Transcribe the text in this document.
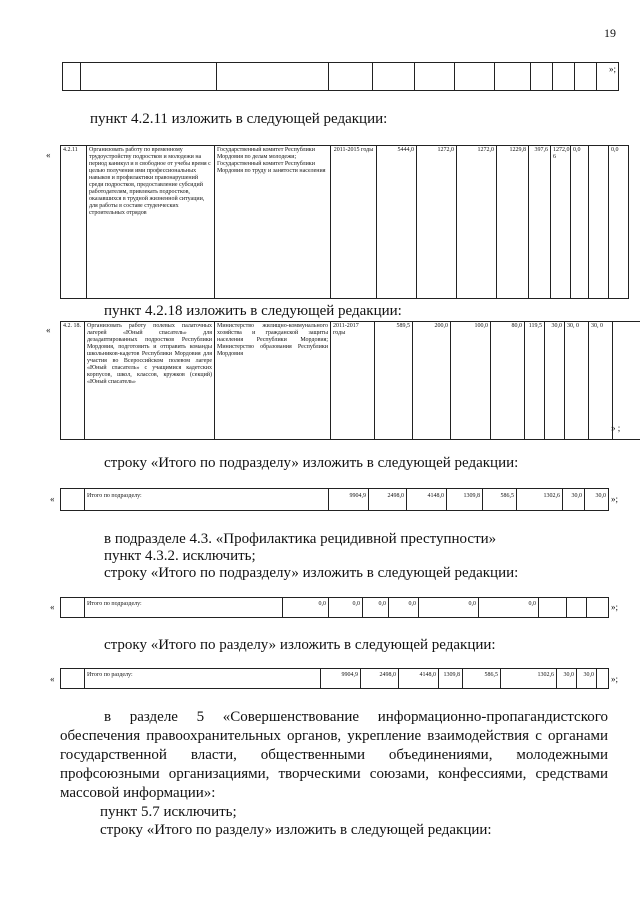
19

»;
пункт 4.2.11 изложить в следующей редакции:
« 4.2.11	Организовать работу по временному трудоустройству подростков и молодежи на период каникул и в свободное от учебы время с целью получения ими профессиональных навыков и профилактики правонарушений среди подростков, предоставление субсидий работодателям, привлекать подростков, оказавшихся в трудной жизненной ситуации, для работы в составе студенческих строительных отрядов	Государственный комитет Республики Мордовия по делам молодежи; Государственный комитет Республики Мордовия по труду и занятости населения	2011-2015 годы	5444,0	1272,0	1272,0	1229,8	397,6	1272,0 6	0,0		0,0
пункт 4.2.18 изложить в следующей редакции:
« 4.2. 18.	Организовать работу полевых палаточных лагерей «Юный спасатель» для дезадаптированных подростков Республики Мордовия, подготовить и отправить команды школьников-кадетов Республики Мордовия для участия во Всероссийском полевом лагере «Юный спасатель» с учащимися кадетских корпусов, школ, классов, кружков (секций) «Юный спасатель»	Министерство жилищно-коммунального хозяйства и гражданской защиты населения Республики Мордовия; Министерство образования Республики Мордовия	2011-2017 годы	589,5	200,0	100,0	80,0	119,5	30,0	30, 0	30, 0	
» ;
строку «Итого по подразделу» изложить в следующей редакции:
«
		Итого по подразделу:	9904,9	2498,0	4148,0	1309,8	586,5	1302,6	30,0	30,0 »;
в подразделе 4.3. «Профилактика рецидивной преступности»
пункт 4.3.2. исключить;
строку «Итого по подразделу» изложить в следующей редакции:
«
		Итого по подразделу:	0,0	0,0	0,0	0,0	0,0	0,0				»;
строку «Итого по разделу» изложить в следующей редакции:
«
		Итого по разделу:	9904,9	2498,0	4148,0	1309,8	586,5	1302,6	30,0	30,0	»;
в разделе 5 «Совершенствование информационно-пропагандистского
обеспечения правоохранительных органов, укрепление взаимодействия с органами
государственной власти, общественными объединениями, молодежными
профсоюзными организациями, творческими союзами, конфессиями, средствами
массовой информации»:
пункт 5.7 исключить;
строку «Итого по разделу» изложить в следующей редакции:
